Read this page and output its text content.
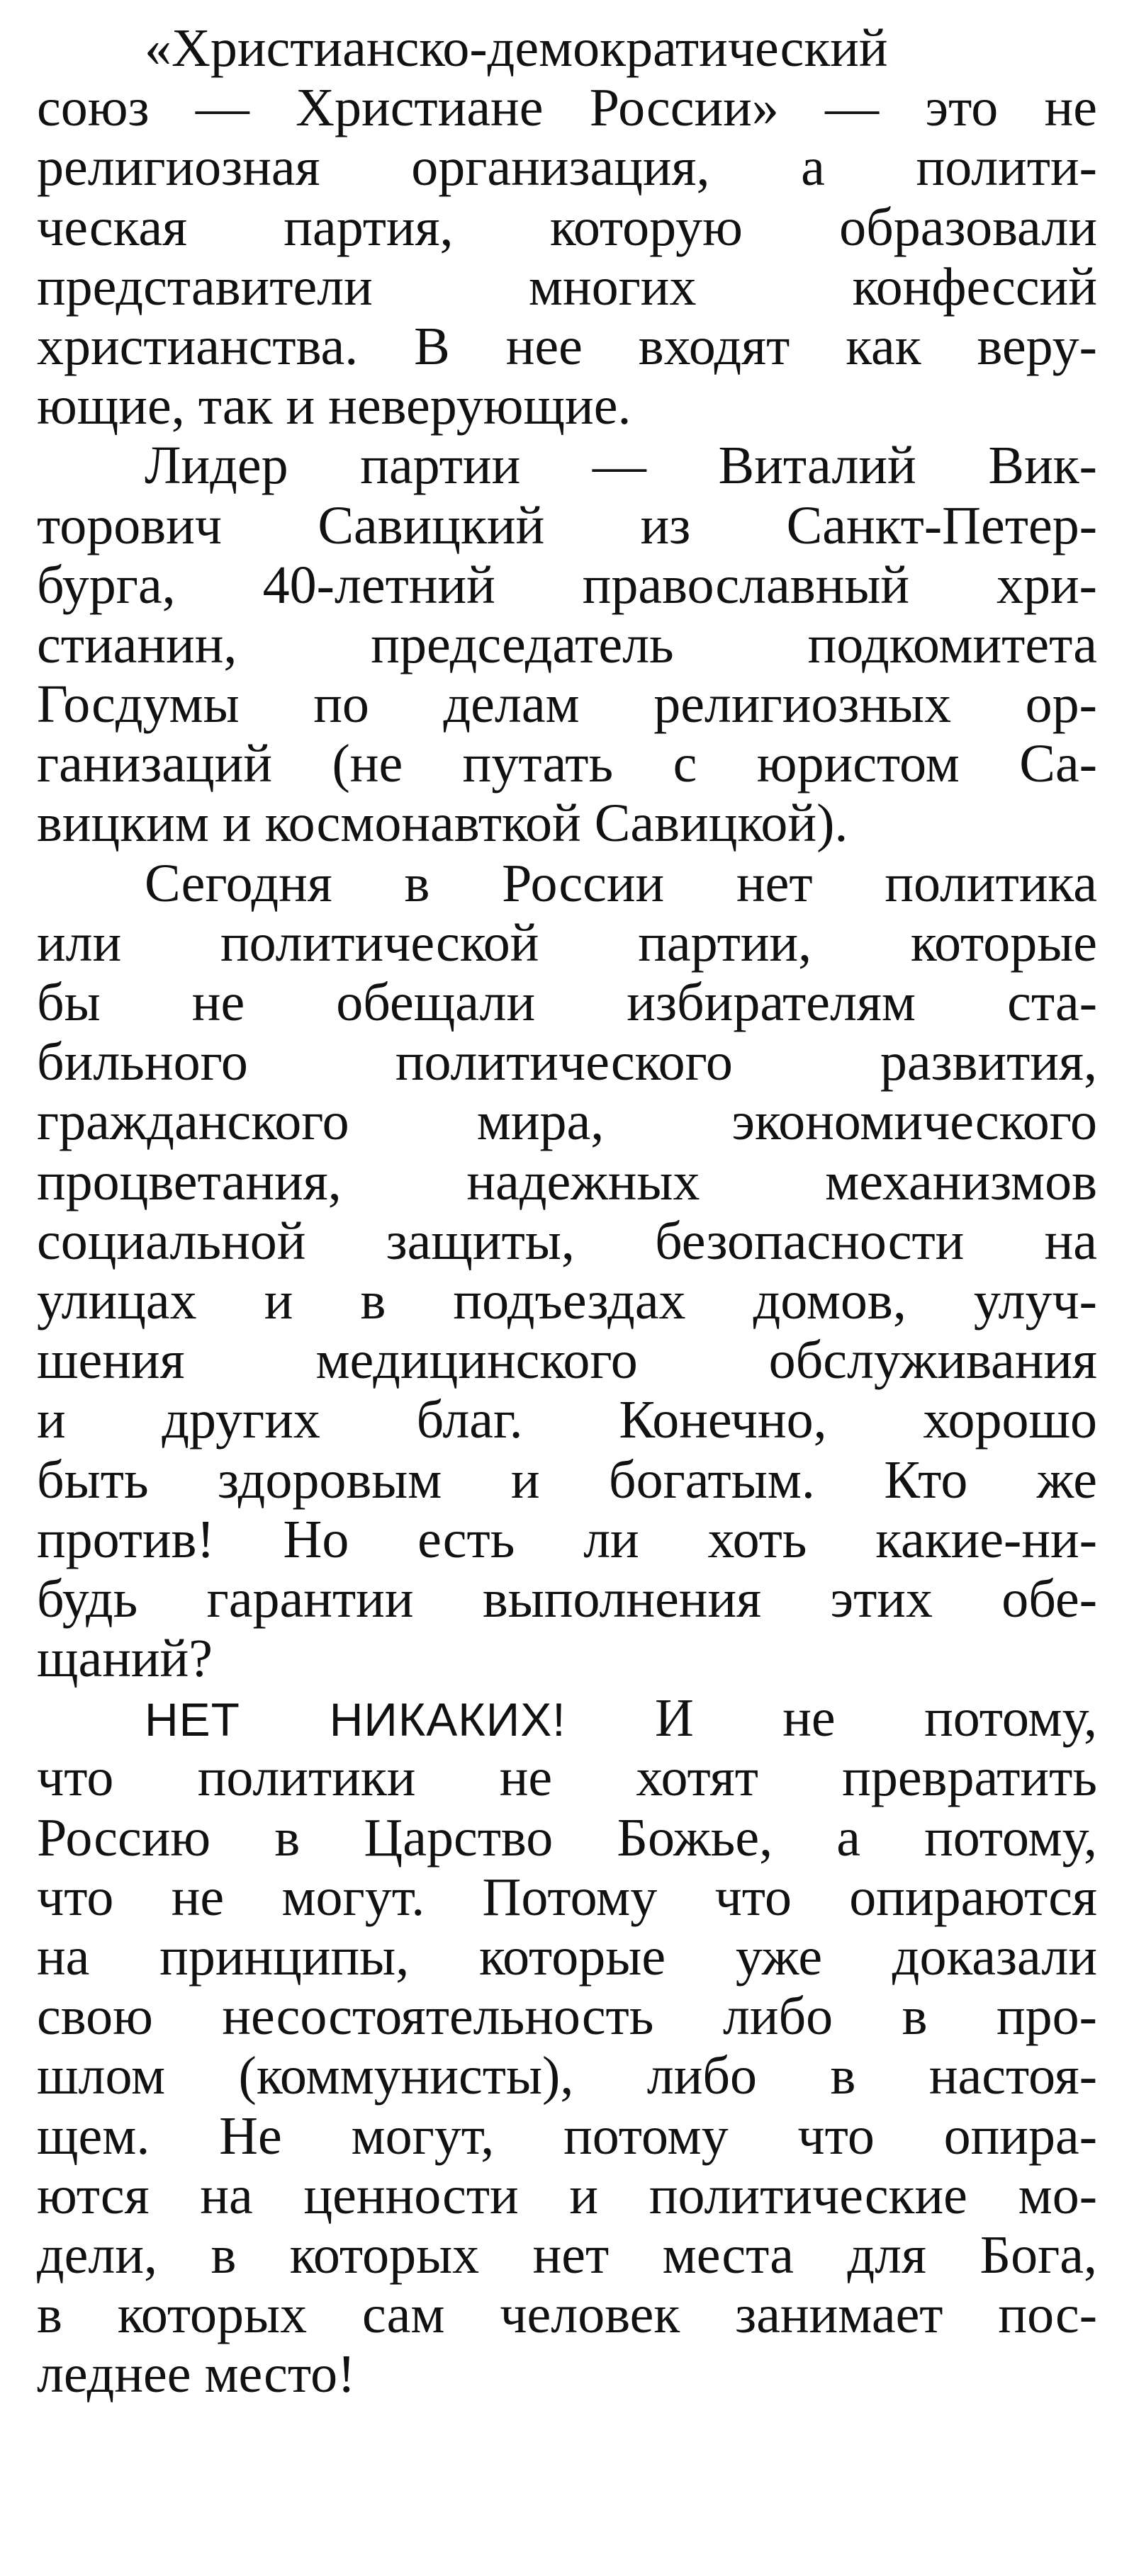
«Христианско-демократический
союз — Христиане России» — это не
религиозная организация, а полити-
ческая партия, которую образовали
представители многих конфессий
христианства. В нее входят как веру-
ющие, так и неверующие.
Лидер партии — Виталий Вик-
торович Савицкий из Санкт-Петер-
бурга, 40-летний православный хри-
стианин, председатель подкомитета
Госдумы по делам религиозных ор-
ганизаций (не путать с юристом Са-
вицким и космонавткой Савицкой).
Сегодня в России нет политика
или политической партии, которые
бы не обещали избирателям ста-
бильного политического развития,
гражданского мира, экономического
процветания, надежных механизмов
социальной защиты, безопасности на
улицах и в подъездах домов, улуч-
шения медицинского обслуживания
и других благ. Конечно, хорошо
быть здоровым и богатым. Кто же
против! Но есть ли хоть какие-ни-
будь гарантии выполнения этих обе-
щаний?
НЕТ НИКАКИХ! И не потому,
что политики не хотят превратить
Россию в Царство Божье, а потому,
что не могут. Потому что опираются
на принципы, которые уже доказали
свою несостоятельность либо в про-
шлом (коммунисты), либо в настоя-
щем. Не могут, потому что опира-
ются на ценности и политические мо-
дели, в которых нет места для Бога,
в которых сам человек занимает пос-
леднее место!
